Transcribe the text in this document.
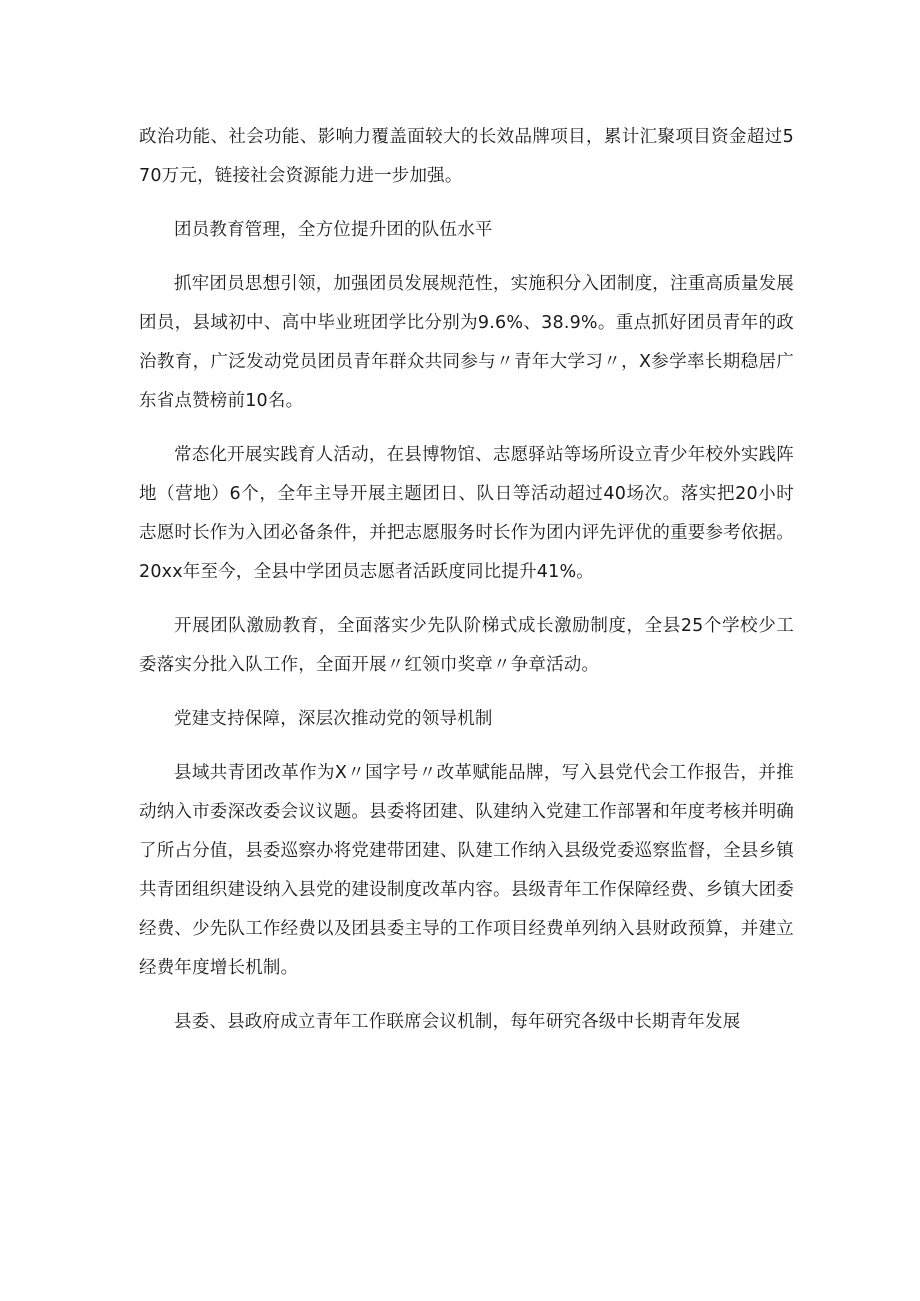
政治功能、社会功能、影响力覆盖面较大的长效品牌项目，累计汇聚项目资金超过570万元，链接社会资源能力进一步加强。

团员教育管理，全方位提升团的队伍水平

抓牢团员思想引领，加强团员发展规范性，实施积分入团制度，注重高质量发展团员，县域初中、高中毕业班团学比分别为9.6%、38.9%。重点抓好团员青年的政治教育，广泛发动党员团员青年群众共同参与〃青年大学习〃，X参学率长期稳居广东省点赞榜前10名。

常态化开展实践育人活动，在县博物馆、志愿驿站等场所设立青少年校外实践阵地（营地）6个，全年主导开展主题团日、队日等活动超过40场次。落实把20小时志愿时长作为入团必备条件，并把志愿服务时长作为团内评先评优的重要参考依据。20xx年至今，全县中学团员志愿者活跃度同比提升41%。

开展团队激励教育，全面落实少先队阶梯式成长激励制度，全县25个学校少工委落实分批入队工作，全面开展〃红领巾奖章〃争章活动。

党建支持保障，深层次推动党的领导机制

县域共青团改革作为X〃国字号〃改革赋能品牌，写入县党代会工作报告，并推动纳入市委深改委会议议题。县委将团建、队建纳入党建工作部署和年度考核并明确了所占分值，县委巡察办将党建带团建、队建工作纳入县级党委巡察监督，全县乡镇共青团组织建设纳入县党的建设制度改革内容。县级青年工作保障经费、乡镇大团委经费、少先队工作经费以及团县委主导的工作项目经费单列纳入县财政预算，并建立经费年度增长机制。

县委、县政府成立青年工作联席会议机制，每年研究各级中长期青年发展
